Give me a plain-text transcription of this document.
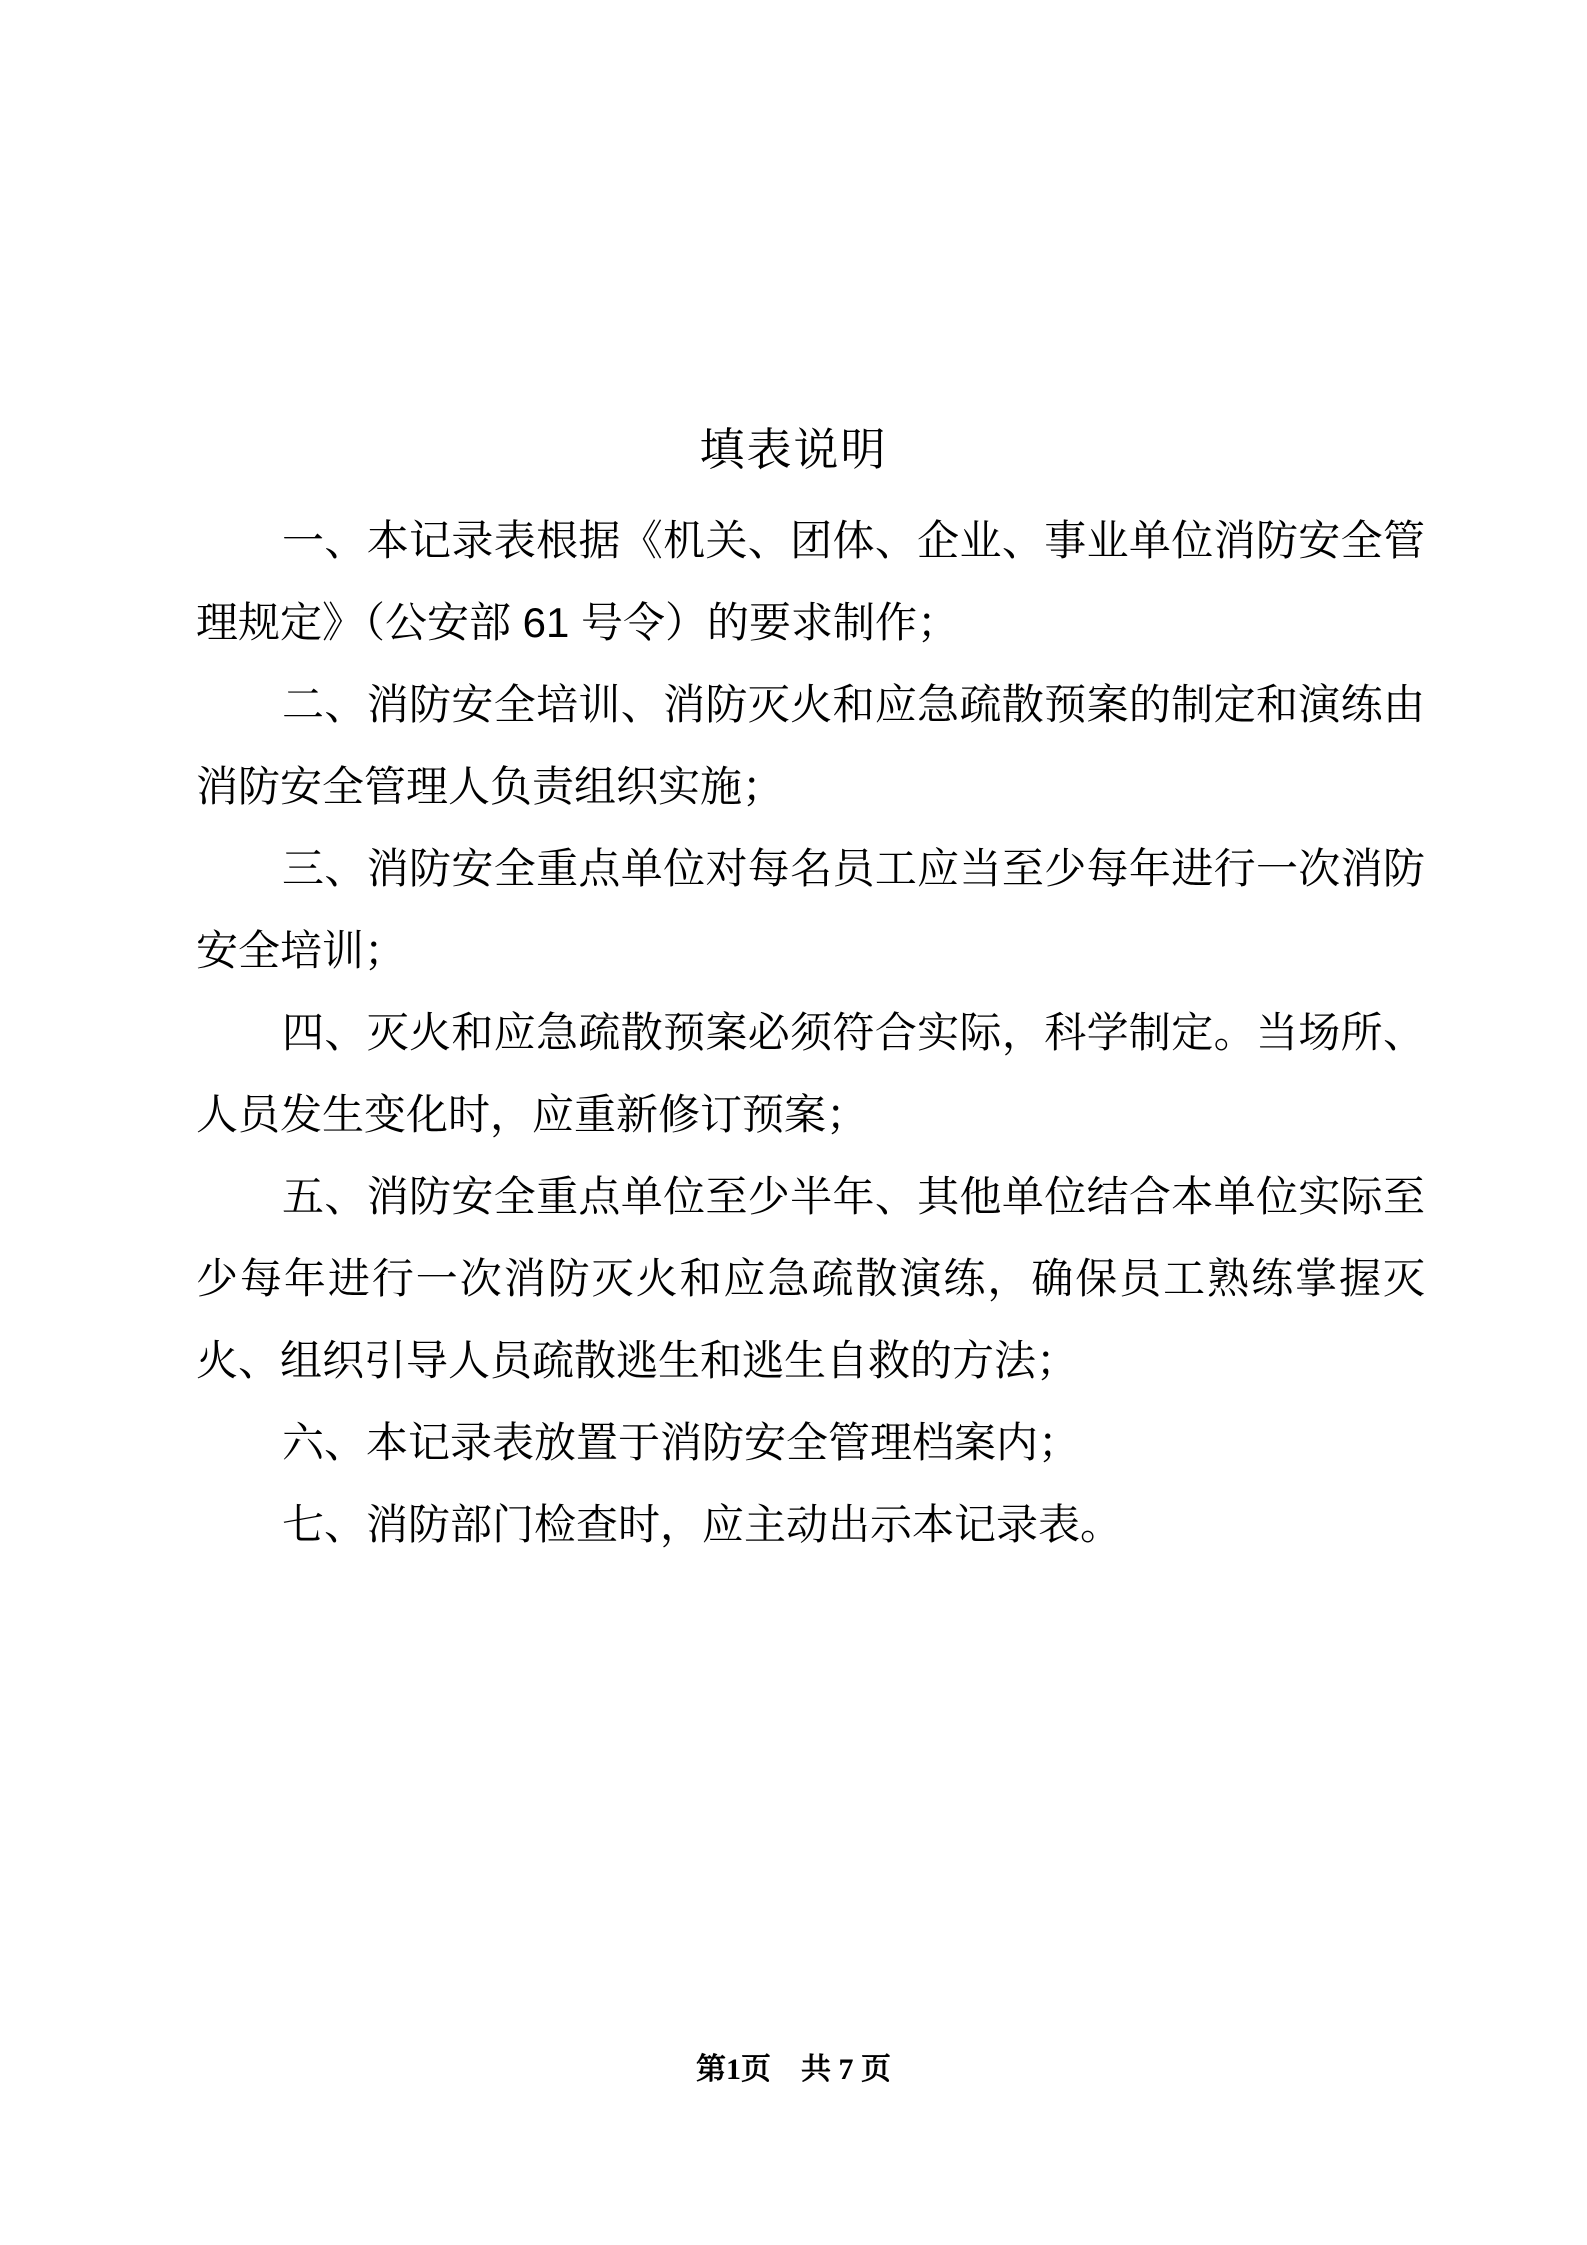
填表说明
一、本记录表根据《机关、团体、企业、事业单位消防安全管
理规定》（公安部 61 号令）的要求制作；
二、消防安全培训、消防灭火和应急疏散预案的制定和演练由
消防安全管理人负责组织实施；
三、消防安全重点单位对每名员工应当至少每年进行一次消防
安全培训；
四、灭火和应急疏散预案必须符合实际，科学制定。当场所、
人员发生变化时，应重新修订预案；
五、消防安全重点单位至少半年、其他单位结合本单位实际至
少每年进行一次消防灭火和应急疏散演练，确保员工熟练掌握灭
火、组织引导人员疏散逃生和逃生自救的方法；
六、本记录表放置于消防安全管理档案内；
七、消防部门检查时，应主动出示本记录表。
第1页　共 7 页
